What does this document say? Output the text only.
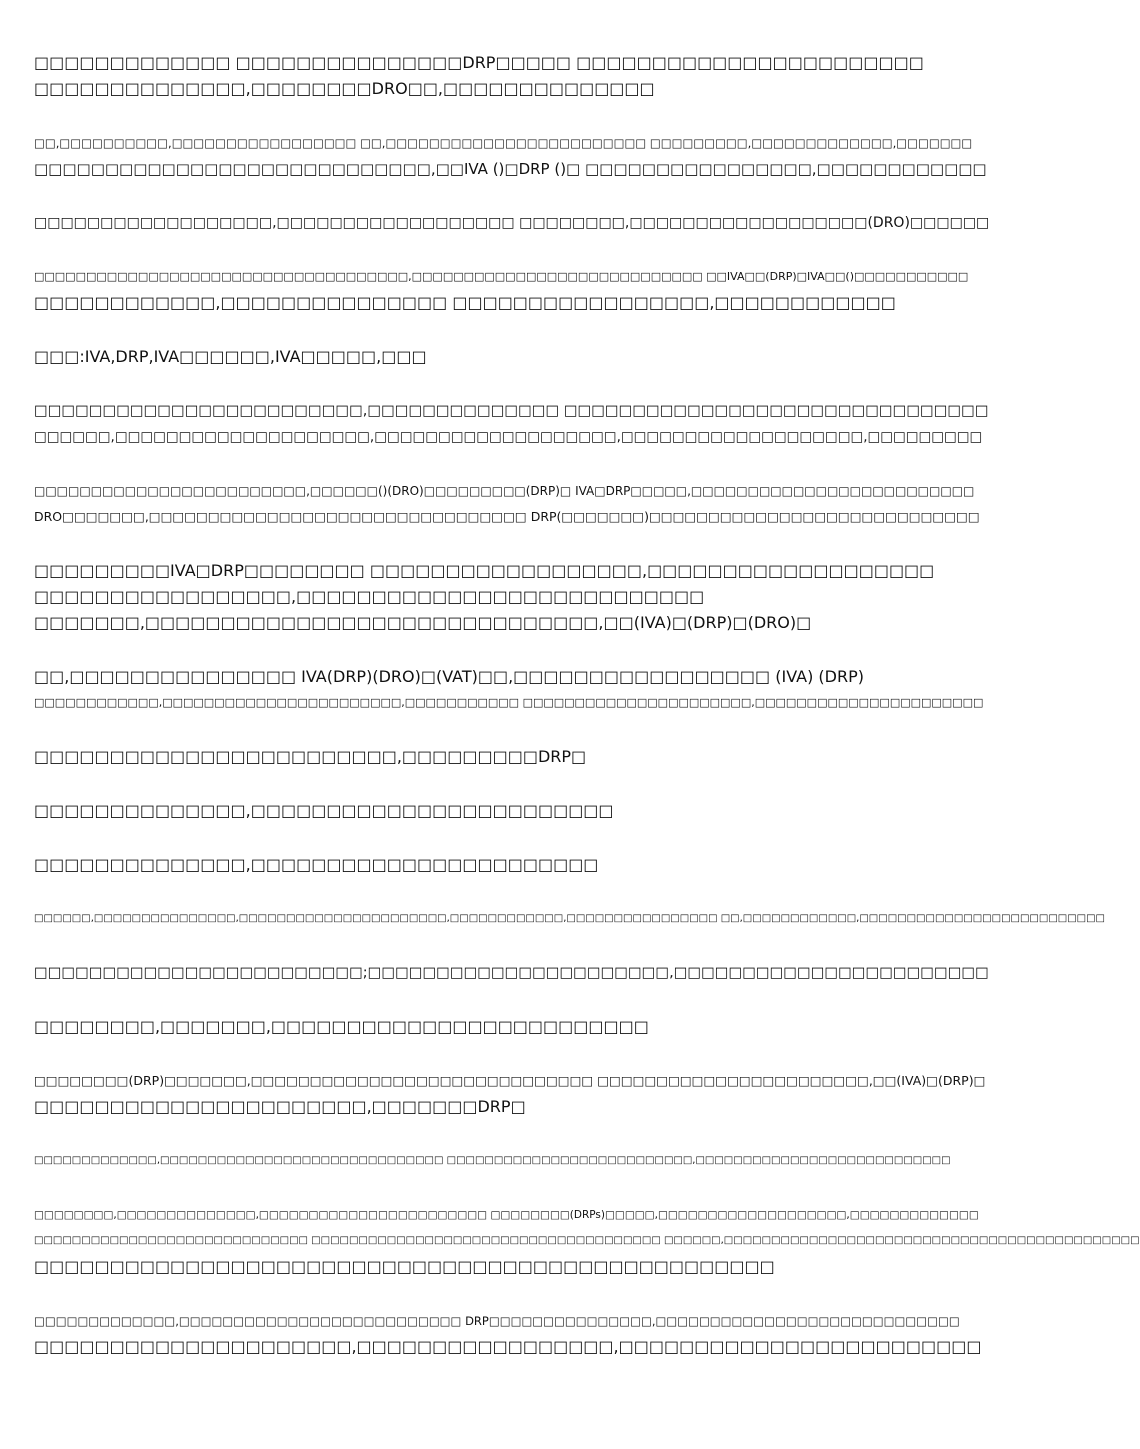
□□□□□□□□□□□□□ □□□□□□□□□□□□□□□DRP□□□□□ □□□□□□□□□□□□□□□□□□□□□□□
□□□□□□□□□□□□□□,□□□□□□□□DRO□□,□□□□□□□□□□□□□□
□□,□□□□□□□□□□,□□□□□□□□□□□□□□□□□ □□,□□□□□□□□□□□□□□□□□□□□□□□□ □□□□□□□□□,□□□□□□□□□□□□□,□□□□□□□
□□□□□□□□□□□□□□□□□□□□□□□□□□□□,□□IVA ()□DRP ()□ □□□□□□□□□□□□□□□□,□□□□□□□□□□□□
□□□□□□□□□□□□□□□□□□,□□□□□□□□□□□□□□□□□□ □□□□□□□□,□□□□□□□□□□□□□□□□□□(DRO)□□□□□□
□□□□□□□□□□□□□□□□□□□□□□□□□□□□□□□□□□□□,□□□□□□□□□□□□□□□□□□□□□□□□□□□□ □□IVA□□(DRP)□IVA□□()□□□□□□□□□□□
□□□□□□□□□□□□,□□□□□□□□□□□□□□□ □□□□□□□□□□□□□□□□□,□□□□□□□□□□□□
□□□:IVA,DRP,IVA□□□□□□,IVA□□□□□,□□□
□□□□□□□□□□□□□□□□□□□□□□□□,□□□□□□□□□□□□□□ □□□□□□□□□□□□□□□□□□□□□□□□□□□□□□□
□□□□□□,□□□□□□□□□□□□□□□□□□□□,□□□□□□□□□□□□□□□□□□□,□□□□□□□□□□□□□□□□□□□,□□□□□□□□□
□□□□□□□□□□□□□□□□□□□□□□□□,□□□□□□()(DRO)□□□□□□□□□(DRP)□ IVA□DRP□□□□□,□□□□□□□□□□□□□□□□□□□□□□□□□
DRO□□□□□□□,□□□□□□□□□□□□□□□□□□□□□□□□□□□□□□□□ DRP(□□□□□□□)□□□□□□□□□□□□□□□□□□□□□□□□□□□□
□□□□□□□□□IVA□DRP□□□□□□□□ □□□□□□□□□□□□□□□□□□,□□□□□□□□□□□□□□□□□□□
□□□□□□□□□□□□□□□□□,□□□□□□□□□□□□□□□□□□□□□□□□□□□
□□□□□□□,□□□□□□□□□□□□□□□□□□□□□□□□□□□□□□,□□(IVA)□(DRP)□(DRO)□
□□,□□□□□□□□□□□□□□□ IVA(DRP)(DRO)□(VAT)□□,□□□□□□□□□□□□□□□□□ (IVA) (DRP)
□□□□□□□□□□□□,□□□□□□□□□□□□□□□□□□□□□□□,□□□□□□□□□□□ □□□□□□□□□□□□□□□□□□□□□□,□□□□□□□□□□□□□□□□□□□□□□
□□□□□□□□□□□□□□□□□□□□□□□□,□□□□□□□□□DRP□
□□□□□□□□□□□□□□,□□□□□□□□□□□□□□□□□□□□□□□□
□□□□□□□□□□□□□□,□□□□□□□□□□□□□□□□□□□□□□□
□□□□□□,□□□□□□□□□□□□□□□,□□□□□□□□□□□□□□□□□□□□□□,□□□□□□□□□□□□,□□□□□□□□□□□□□□□□ □□,□□□□□□□□□□□□,□□□□□□□□□□□□□□□□□□□□□□□□□□
□□□□□□□□□□□□□□□□□□□□□□□□;□□□□□□□□□□□□□□□□□□□□□□,□□□□□□□□□□□□□□□□□□□□□□□
□□□□□□□□,□□□□□□□,□□□□□□□□□□□□□□□□□□□□□□□□□
□□□□□□□□(DRP)□□□□□□□,□□□□□□□□□□□□□□□□□□□□□□□□□□□□□ □□□□□□□□□□□□□□□□□□□□□□□,□□(IVA)□(DRP)□
□□□□□□□□□□□□□□□□□□□□□□,□□□□□□□DRP□
□□□□□□□□□□□□□,□□□□□□□□□□□□□□□□□□□□□□□□□□□□□□ □□□□□□□□□□□□□□□□□□□□□□□□□□,□□□□□□□□□□□□□□□□□□□□□□□□□□□
□□□□□□□□,□□□□□□□□□□□□□□,□□□□□□□□□□□□□□□□□□□□□□□ □□□□□□□□(DRPs)□□□□□,□□□□□□□□□□□□□□□□□□□,□□□□□□□□□□□□□
□□□□□□□□□□□□□□□□□□□□□□□□□□□□□ □□□□□□□□□□□□□□□□□□□□□□□□□□□□□□□□□□□□□ □□□□□□,□□□□□□□□□□□□□□□□□□□□□□□□□□□□□□□□□□□□□□□□□□□□
□□□□□□□□□□□□□□□□□□□□□□□□□□□□□□□□□□□□□□□□□□□□□□□□□
□□□□□□□□□□□□□,□□□□□□□□□□□□□□□□□□□□□□□□□□ DRP□□□□□□□□□□□□□□□,□□□□□□□□□□□□□□□□□□□□□□□□□□□□
□□□□□□□□□□□□□□□□□□□□□,□□□□□□□□□□□□□□□□□,□□□□□□□□□□□□□□□□□□□□□□□□
